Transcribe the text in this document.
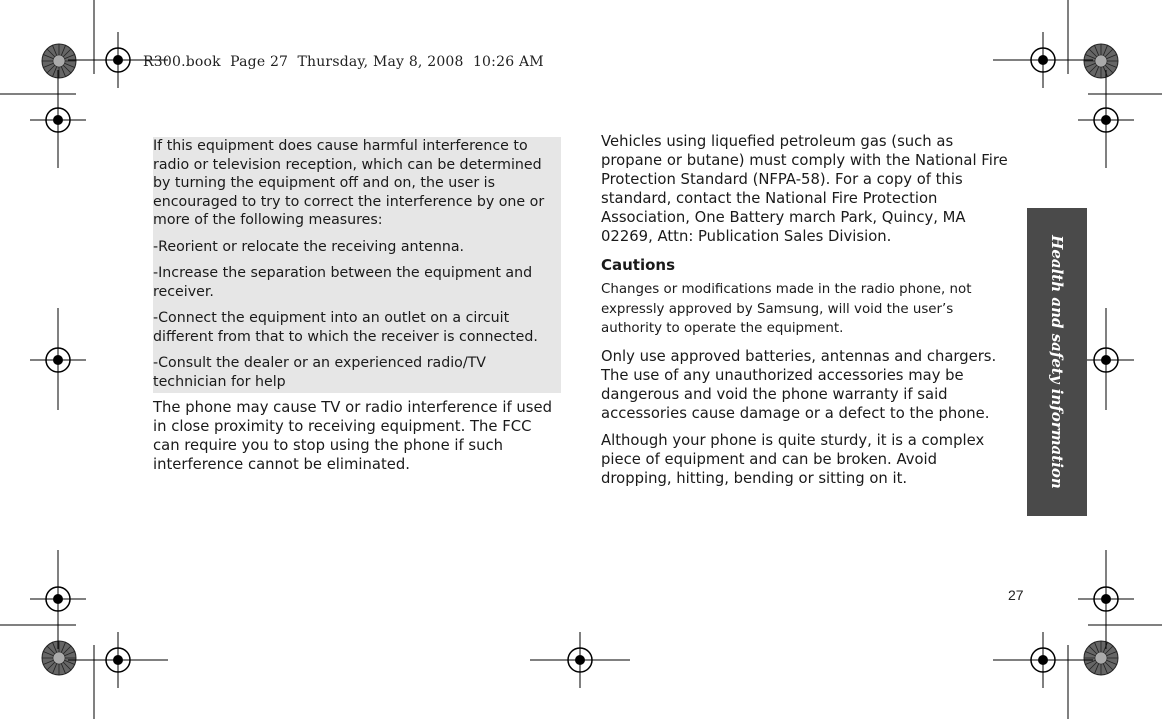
R300.book  Page 27  Thursday, May 8, 2008  10:26 AM

If this equipment does cause harmful interference to radio or television reception, which can be determined by turning the equipment off and on, the user is encouraged to try to correct the interference by one or more of the following measures:

-Reorient or relocate the receiving antenna.

-Increase the separation between the equipment and receiver.

-Connect the equipment into an outlet on a circuit different from that to which the receiver is connected.

-Consult the dealer or an experienced radio/TV technician for help

The phone may cause TV or radio interference if used in close proximity to receiving equipment. The FCC can require you to stop using the phone if such interference cannot be eliminated.

Vehicles using liquefied petroleum gas (such as propane or butane) must comply with the National Fire Protection Standard (NFPA-58). For a copy of this standard, contact the National Fire Protection Association, One Battery march Park, Quincy, MA 02269, Attn: Publication Sales Division.

Cautions

Changes or modifications made in the radio phone, not expressly approved by Samsung, will void the user’s authority to operate the equipment.

Only use approved batteries, antennas and chargers. The use of any unauthorized accessories may be dangerous and void the phone warranty if said accessories cause damage or a defect to the phone.

Although your phone is quite sturdy, it is a complex piece of equipment and can be broken. Avoid dropping, hitting, bending or sitting on it.	Health and safety information
27
